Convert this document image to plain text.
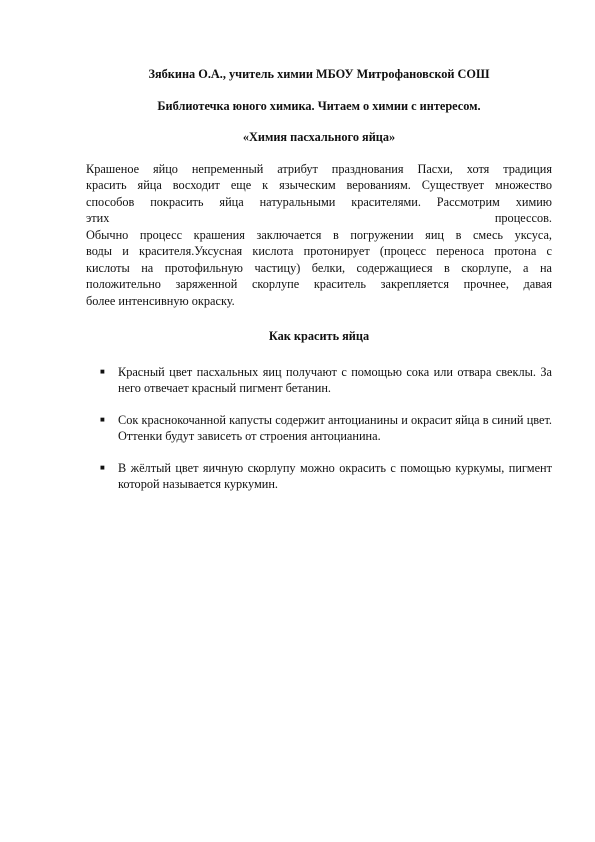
Зябкина О.А., учитель химии МБОУ Митрофановской СОШ

Библиотечка юного химика. Читаем о химии с интересом.

«Химия пасхального яйца»

Крашеное яйцо непременный атрибут празднования Пасхи, хотя традиция
красить яйца восходит еще к языческим верованиям. Существует множество
способов покрасить яйца натуральными красителями. Рассмотрим химию
этих процессов.
Обычно процесс крашения заключается в погружении яиц в смесь уксуса,
воды и красителя.Уксусная кислота протонирует (процесс переноса протона с
кислоты на протофильную частицу) белки, содержащиеся в скорлупе, а на
положительно заряженной скорлупе краситель закрепляется прочнее, давая
более интенсивную окраску.

Как красить яйца

■ Красный цвет пасхальных яиц получают с помощью сока или отвара свеклы. За него отвечает красный пигмент бетанин.
■ Сок краснокочанной капусты содержит антоцианины и окрасит яйца в синий цвет. Оттенки будут зависеть от строения антоцианина.
■ В жёлтый цвет яичную скорлупу можно окрасить с помощью куркумы, пигмент которой называется куркумин.
